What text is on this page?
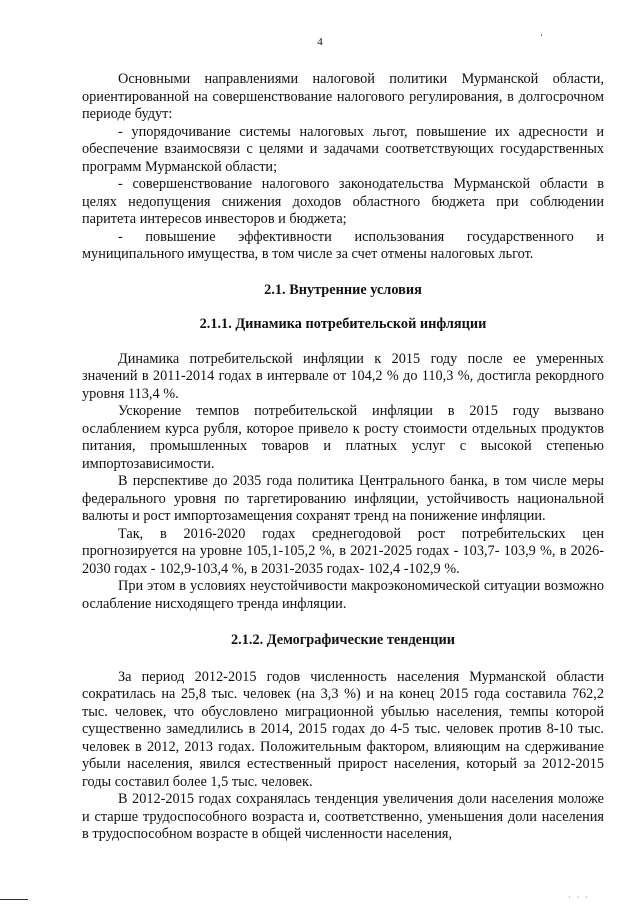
4

Основными направлениями налоговой политики Мурманской области, ориентированной на совершенствование налогового регулирования, в долгосрочном периоде будут:

- упорядочивание системы налоговых льгот, повышение их адресности и обеспечение взаимосвязи с целями и задачами соответствующих государственных программ Мурманской области;

- совершенствование налогового законодательства Мурманской области в целях недопущения снижения доходов областного бюджета при соблюдении паритета интересов инвесторов и бюджета;

- повышение эффективности использования государственного и муниципального имущества, в том числе за счет отмены налоговых льгот.

2.1. Внутренние условия

2.1.1. Динамика потребительской инфляции

Динамика потребительской инфляции к 2015 году после ее умеренных значений в 2011-2014 годах в интервале от 104,2 % до 110,3 %, достигла рекордного уровня 113,4 %.

Ускорение темпов потребительской инфляции в 2015 году вызвано ослаблением курса рубля, которое привело к росту стоимости отдельных продуктов питания, промышленных товаров и платных услуг с высокой степенью импортозависимости.

В перспективе до 2035 года политика Центрального банка, в том числе меры федерального уровня по таргетированию инфляции, устойчивость национальной валюты и рост импортозамещения сохранят тренд на понижение инфляции.

Так, в 2016-2020 годах среднегодовой рост потребительских цен прогнозируется на уровне 105,1-105,2 %, в 2021-2025 годах - 103,7- 103,9 %, в 2026-2030 годах - 102,9-103,4 %, в 2031-2035 годах- 102,4 -102,9 %.

При этом в условиях неустойчивости макроэкономической ситуации возможно ослабление нисходящего тренда инфляции.

2.1.2. Демографические тенденции

За период 2012-2015 годов численность населения Мурманской области сократилась на 25,8 тыс. человек (на 3,3 %) и на конец 2015 года составила 762,2 тыс. человек, что обусловлено миграционной убылью населения, темпы которой существенно замедлились в 2014, 2015 годах до 4-5 тыс. человек против 8-10 тыс. человек в 2012, 2013 годах. Положительным фактором, влияющим на сдерживание убыли населения, явился естественный прирост населения, который за 2012-2015 годы составил более 1,5 тыс. человек.

В 2012-2015 годах сохранялась тенденция увеличения доли населения моложе и старше трудоспособного возраста и, соответственно, уменьшения доли населения в трудоспособном возрасте в общей численности населения,

· · ·
